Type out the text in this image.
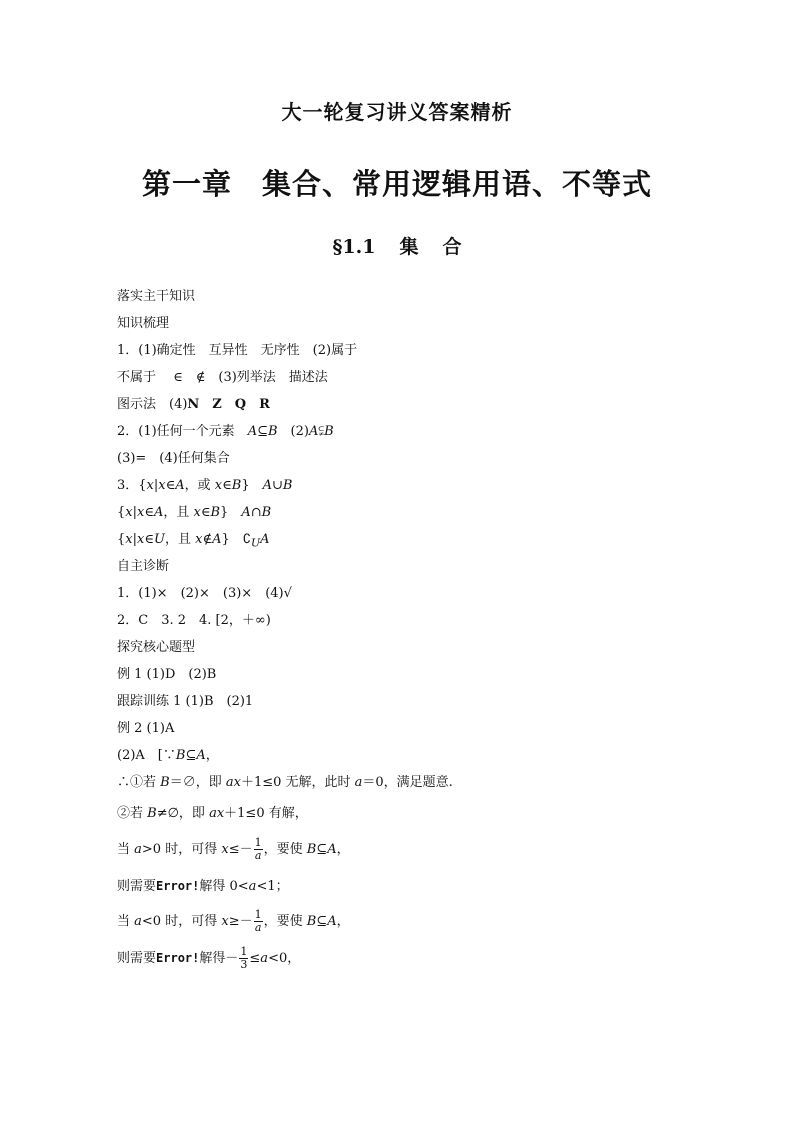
大一轮复习讲义答案精析
第一章 集合、常用逻辑用语、不等式
§1.1 集 合
落实主干知识
知识梳理
1．(1)确定性　互异性　无序性　(2)属于
不属于　 ∈　∉　(3)列举法　描述法
图示法　(4)N　Z　Q　R
2．(1)任何一个元素　A⊆B　(2)A⫋B
(3)=　(4)任何集合
3．{x|x∈A，或 x∈B}　A∪B
{x|x∈A，且 x∈B}　A∩B
{x|x∈U，且 x∉A}　$∁_UA$
自主诊断
1．(1)×　(2)×　(3)×　(4)√
2．C　3. 2　4. [2，＋∞)
探究核心题型
例 1 (1)D　(2)B
跟踪训练 1 (1)B　(2)1
例 2 (1)A
(2)A　[∵B⊆A，
∴①若 B＝∅，即 ax＋1≤0 无解，此时 a＝0，满足题意.
②若 B≠∅，即 ax＋1≤0 有解，
当 a>0 时，可得 $x\le- \frac{1}{a}$ ，要使 B⊆A，
则需要Error!解得 0<a<1；
当 a<0 时，可得 $x\ge- \frac{1}{a}$ ，要使 B⊆A，
则需要Error!解得－ $\frac{1}{3} \le a<0$，
